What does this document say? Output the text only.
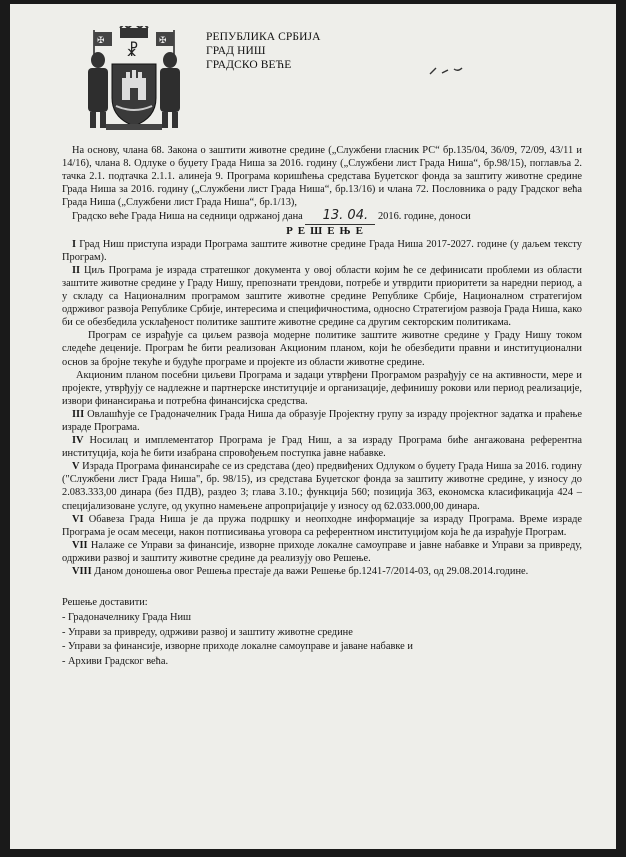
✠	✠
☧
РЕПУБЛИКА СРБИЈА
ГРАД НИШ
ГРАДСКО ВЕЋЕ

На основу, члана 68. Закона о заштити животне средине („Службени гласник РС“ бр.135/04, 36/09, 72/09, 43/11 и 14/16), члана 8. Одлуке о буџету Града Ниша за 2016. годину („Службени лист Града Ниша“, бр.98/15), поглавља 2. тачка 2.1. подтачка 2.1.1. алинеја 9. Програма коришћења средстава Буџетског фонда за заштиту животне средине Града Ниша за 2016. годину („Службени лист Града Ниша“, бр.13/16) и члана 72. Пословника о раду Градског већа Града Ниша („Службени лист Града Ниша“, бр.1/13),

Градско веће Града Ниша на седници одржаној дана 13. 04. 2016. године, доноси

РЕШЕЊЕ

I Град Ниш приступа изради Програма заштите животне средине Града Ниша 2017-2027. године (у даљем тексту Програм).

II Циљ Програма је израда стратешког документа у овој области којим ће се дефинисати проблеми из области заштите животне средине у Граду Нишу, препознати трендови, потребе и утврдити приоритети за наредни период, а у складу са Националним програмом заштите животне средине Републике Србије, Националном стратегијом одрживог развоја Републике Србије, интересима и специфичностима, односно Стратегијом развоја Града Ниша, како би се обезбедила усклађеност политике заштите животне средине са другим секторским политикама.

Програм се израђује са циљем развоја модерне политике заштите животне средине у Граду Нишу током следеће деценије. Програм ће бити реализован Акционим планом, који ће обезбедити правни и институционални основ за бројне текуће и будуће програме и пројекте из области животне средине.

Акционим планом посебни циљеви Програма и задаци утврђени Програмом разрађују се на активности, мере и пројекте, утврђују се надлежне и партнерске институције и организације, дефинишу рокови или период реализације, извори финансирања и потребна финансијска средства.

III Овлашћује се Градоначелник Града Ниша да образује Пројектну групу за израду пројектног задатка и праћење израде Програма.

IV Носилац и имплементатор Програма је Град Ниш, а за израду Програма биће ангажована референтна институција, која ће бити изабрана спровођењем поступка јавне набавке.

V Израда Програма финансираће се из средстава (део) предвиђених Одлуком о буџету Града Ниша за 2016. годину ("Службени лист Града Ниша", бр. 98/15), из средстава Буџетског фонда за заштиту животне средине, у износу до 2.083.333,00 динара (без ПДВ), раздео 3; глава 3.10.; функција 560; позиција 363, економска класификација 424 – специјализоване услуге, од укупно намењене апропријације у износу од 62.033.000,00 динара.

VI Обавеза Града Ниша је да пружа подршку и неопходне информације за израду Програма. Време израде Програма је осам месеци, након потписивања уговора са референтном институцијом која ће да израђује Програм.

VII Налаже се Управи за финансије, изворне приходе локалне самоуправе и јавне набавке и Управи за привреду, одрживи развој и заштиту животне средине да реализују ово Решење.

VIII Даном доношења овог Решења престаје да важи Решење бр.1241-7/2014-03, од 29.08.2014.године.

Решење доставити:
- Градоначелнику Града Ниш
- Управи за привреду, одрживи развој и заштиту животне средине
- Управи за финансије, изворне приходе локалне самоуправе и јаване набавке и
- Архиви Градског већа.
